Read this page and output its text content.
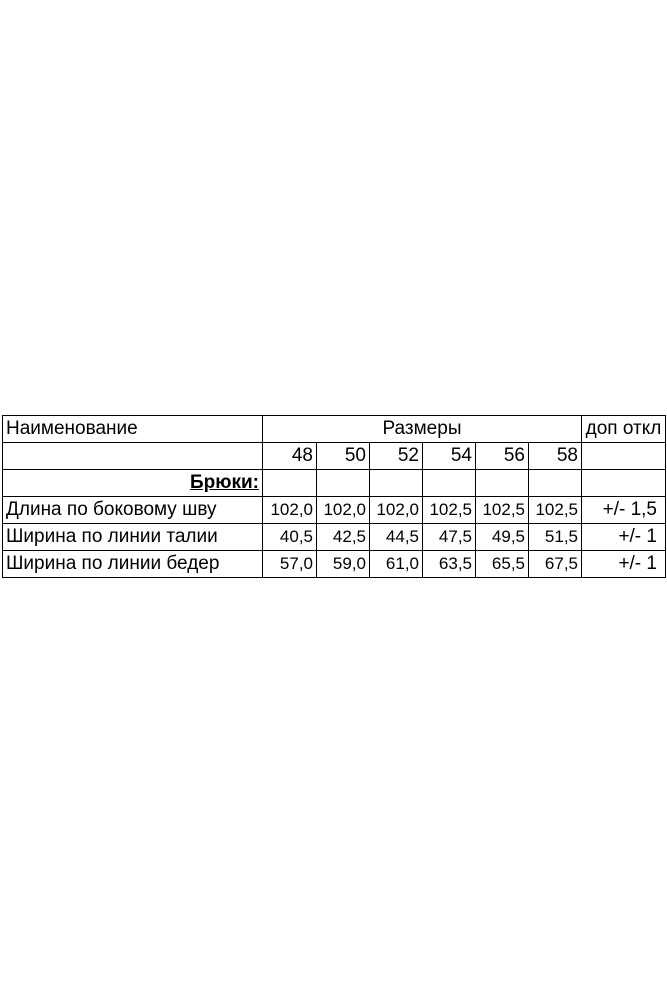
Наименование	Размеры						доп откл
	48	50	52	54	56	58	
Брюки:							
Длина по боковому шву	102,0	102,0	102,0	102,5	102,5	102,5	+/- 1,5
Ширина по линии талии	40,5	42,5	44,5	47,5	49,5	51,5	+/- 1
Ширина по линии бедер	57,0	59,0	61,0	63,5	65,5	67,5	+/- 1
